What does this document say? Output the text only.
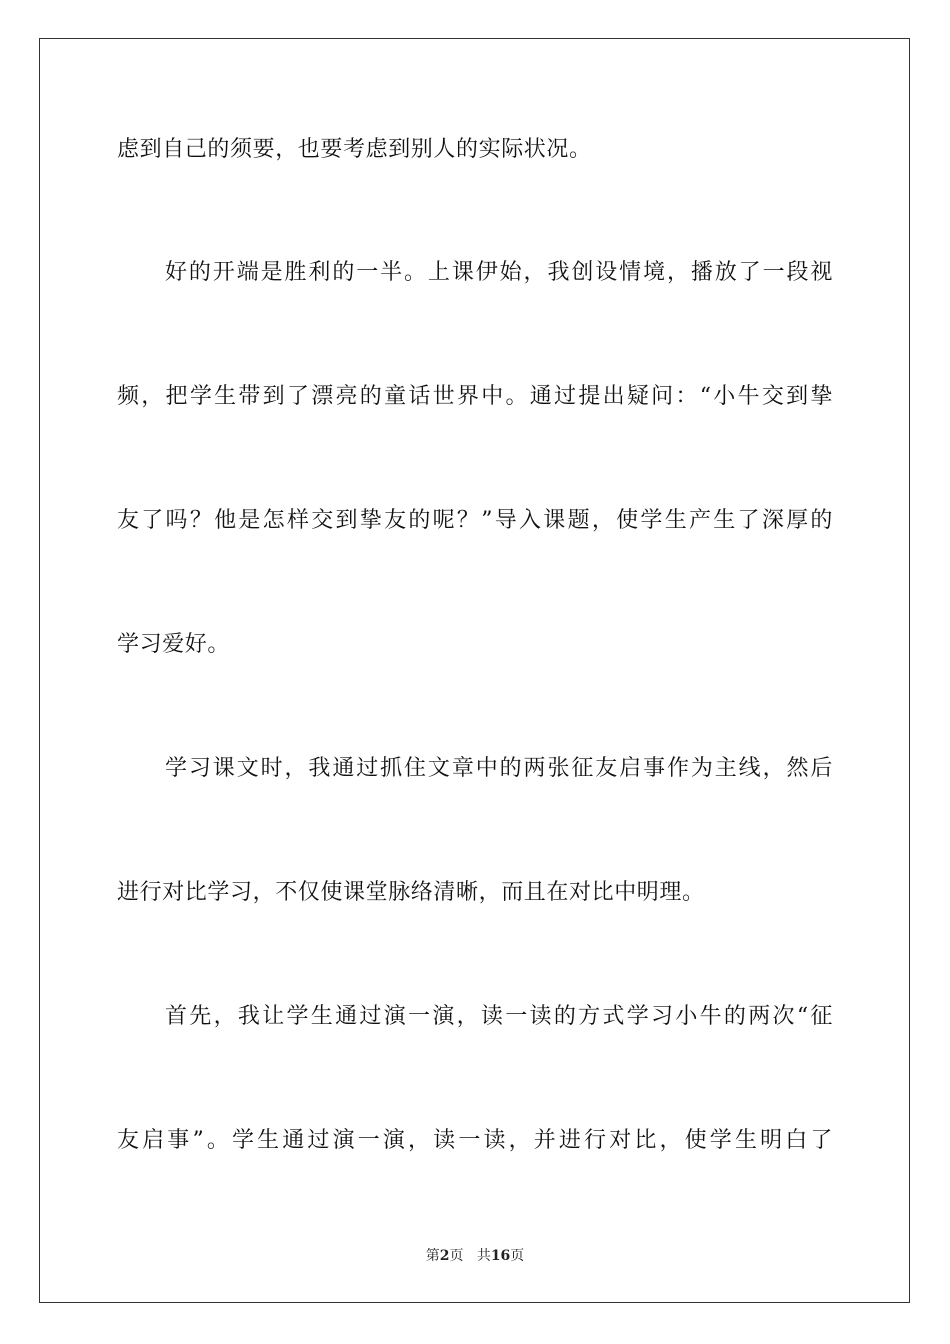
虑到自己的须要，也要考虑到别人的实际状况。
好的开端是胜利的一半。上课伊始，我创设情境，播放了一段视
频，把学生带到了漂亮的童话世界中。通过提出疑问：“小牛交到挚
友了吗？他是怎样交到挚友的呢？”导入课题，使学生产生了深厚的
学习爱好。
学习课文时，我通过抓住文章中的两张征友启事作为主线，然后
进行对比学习，不仅使课堂脉络清晰，而且在对比中明理。
首先，我让学生通过演一演，读一读的方式学习小牛的两次“征
友启事”。学生通过演一演，读一读，并进行对比，使学生明白了
第2页 共16页
